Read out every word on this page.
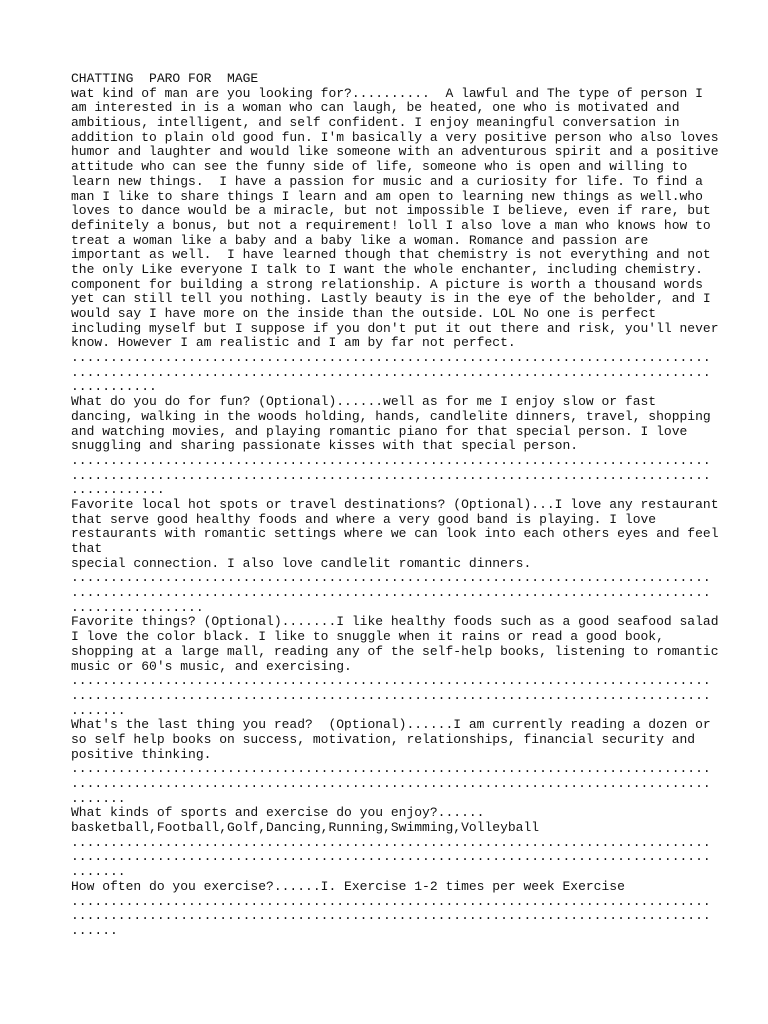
CHATTING  PARO FOR  MAGE
wat kind of man are you looking for?..........  A lawful and The type of person I
am interested in is a woman who can laugh, be heated, one who is motivated and
ambitious, intelligent, and self confident. I enjoy meaningful conversation in
addition to plain old good fun. I'm basically a very positive person who also loves
humor and laughter and would like someone with an adventurous spirit and a positive
attitude who can see the funny side of life, someone who is open and willing to
learn new things.  I have a passion for music and a curiosity for life. To find a
man I like to share things I learn and am open to learning new things as well.who
loves to dance would be a miracle, but not impossible I believe, even if rare, but
definitely a bonus, but not a requirement! loll I also love a man who knows how to
treat a woman like a baby and a baby like a woman. Romance and passion are
important as well.  I have learned though that chemistry is not everything and not
the only Like everyone I talk to I want the whole enchanter, including chemistry.
component for building a strong relationship. A picture is worth a thousand words
yet can still tell you nothing. Lastly beauty is in the eye of the beholder, and I
would say I have more on the inside than the outside. LOL No one is perfect
including myself but I suppose if you don't put it out there and risk, you'll never
know. However I am realistic and I am by far not perfect.
..................................................................................
..................................................................................
...........
What do you do for fun? (Optional)......well as for me I enjoy slow or fast
dancing, walking in the woods holding, hands, candlelite dinners, travel, shopping
and watching movies, and playing romantic piano for that special person. I love
snuggling and sharing passionate kisses with that special person.
..................................................................................
..................................................................................
............
Favorite local hot spots or travel destinations? (Optional)...I love any restaurant
that serve good healthy foods and where a very good band is playing. I love
restaurants with romantic settings where we can look into each others eyes and feel
that
special connection. I also love candlelit romantic dinners.
..................................................................................
..................................................................................
.................
Favorite things? (Optional).......I like healthy foods such as a good seafood salad
I love the color black. I like to snuggle when it rains or read a good book,
shopping at a large mall, reading any of the self-help books, listening to romantic
music or 60's music, and exercising.
..................................................................................
..................................................................................
.......
What's the last thing you read?  (Optional)......I am currently reading a dozen or
so self help books on success, motivation, relationships, financial security and
positive thinking.
..................................................................................
..................................................................................
.......
What kinds of sports and exercise do you enjoy?......
basketball,Football,Golf,Dancing,Running,Swimming,Volleyball
..................................................................................
..................................................................................
.......
How often do you exercise?......I. Exercise 1-2 times per week Exercise
..................................................................................
..................................................................................
......
